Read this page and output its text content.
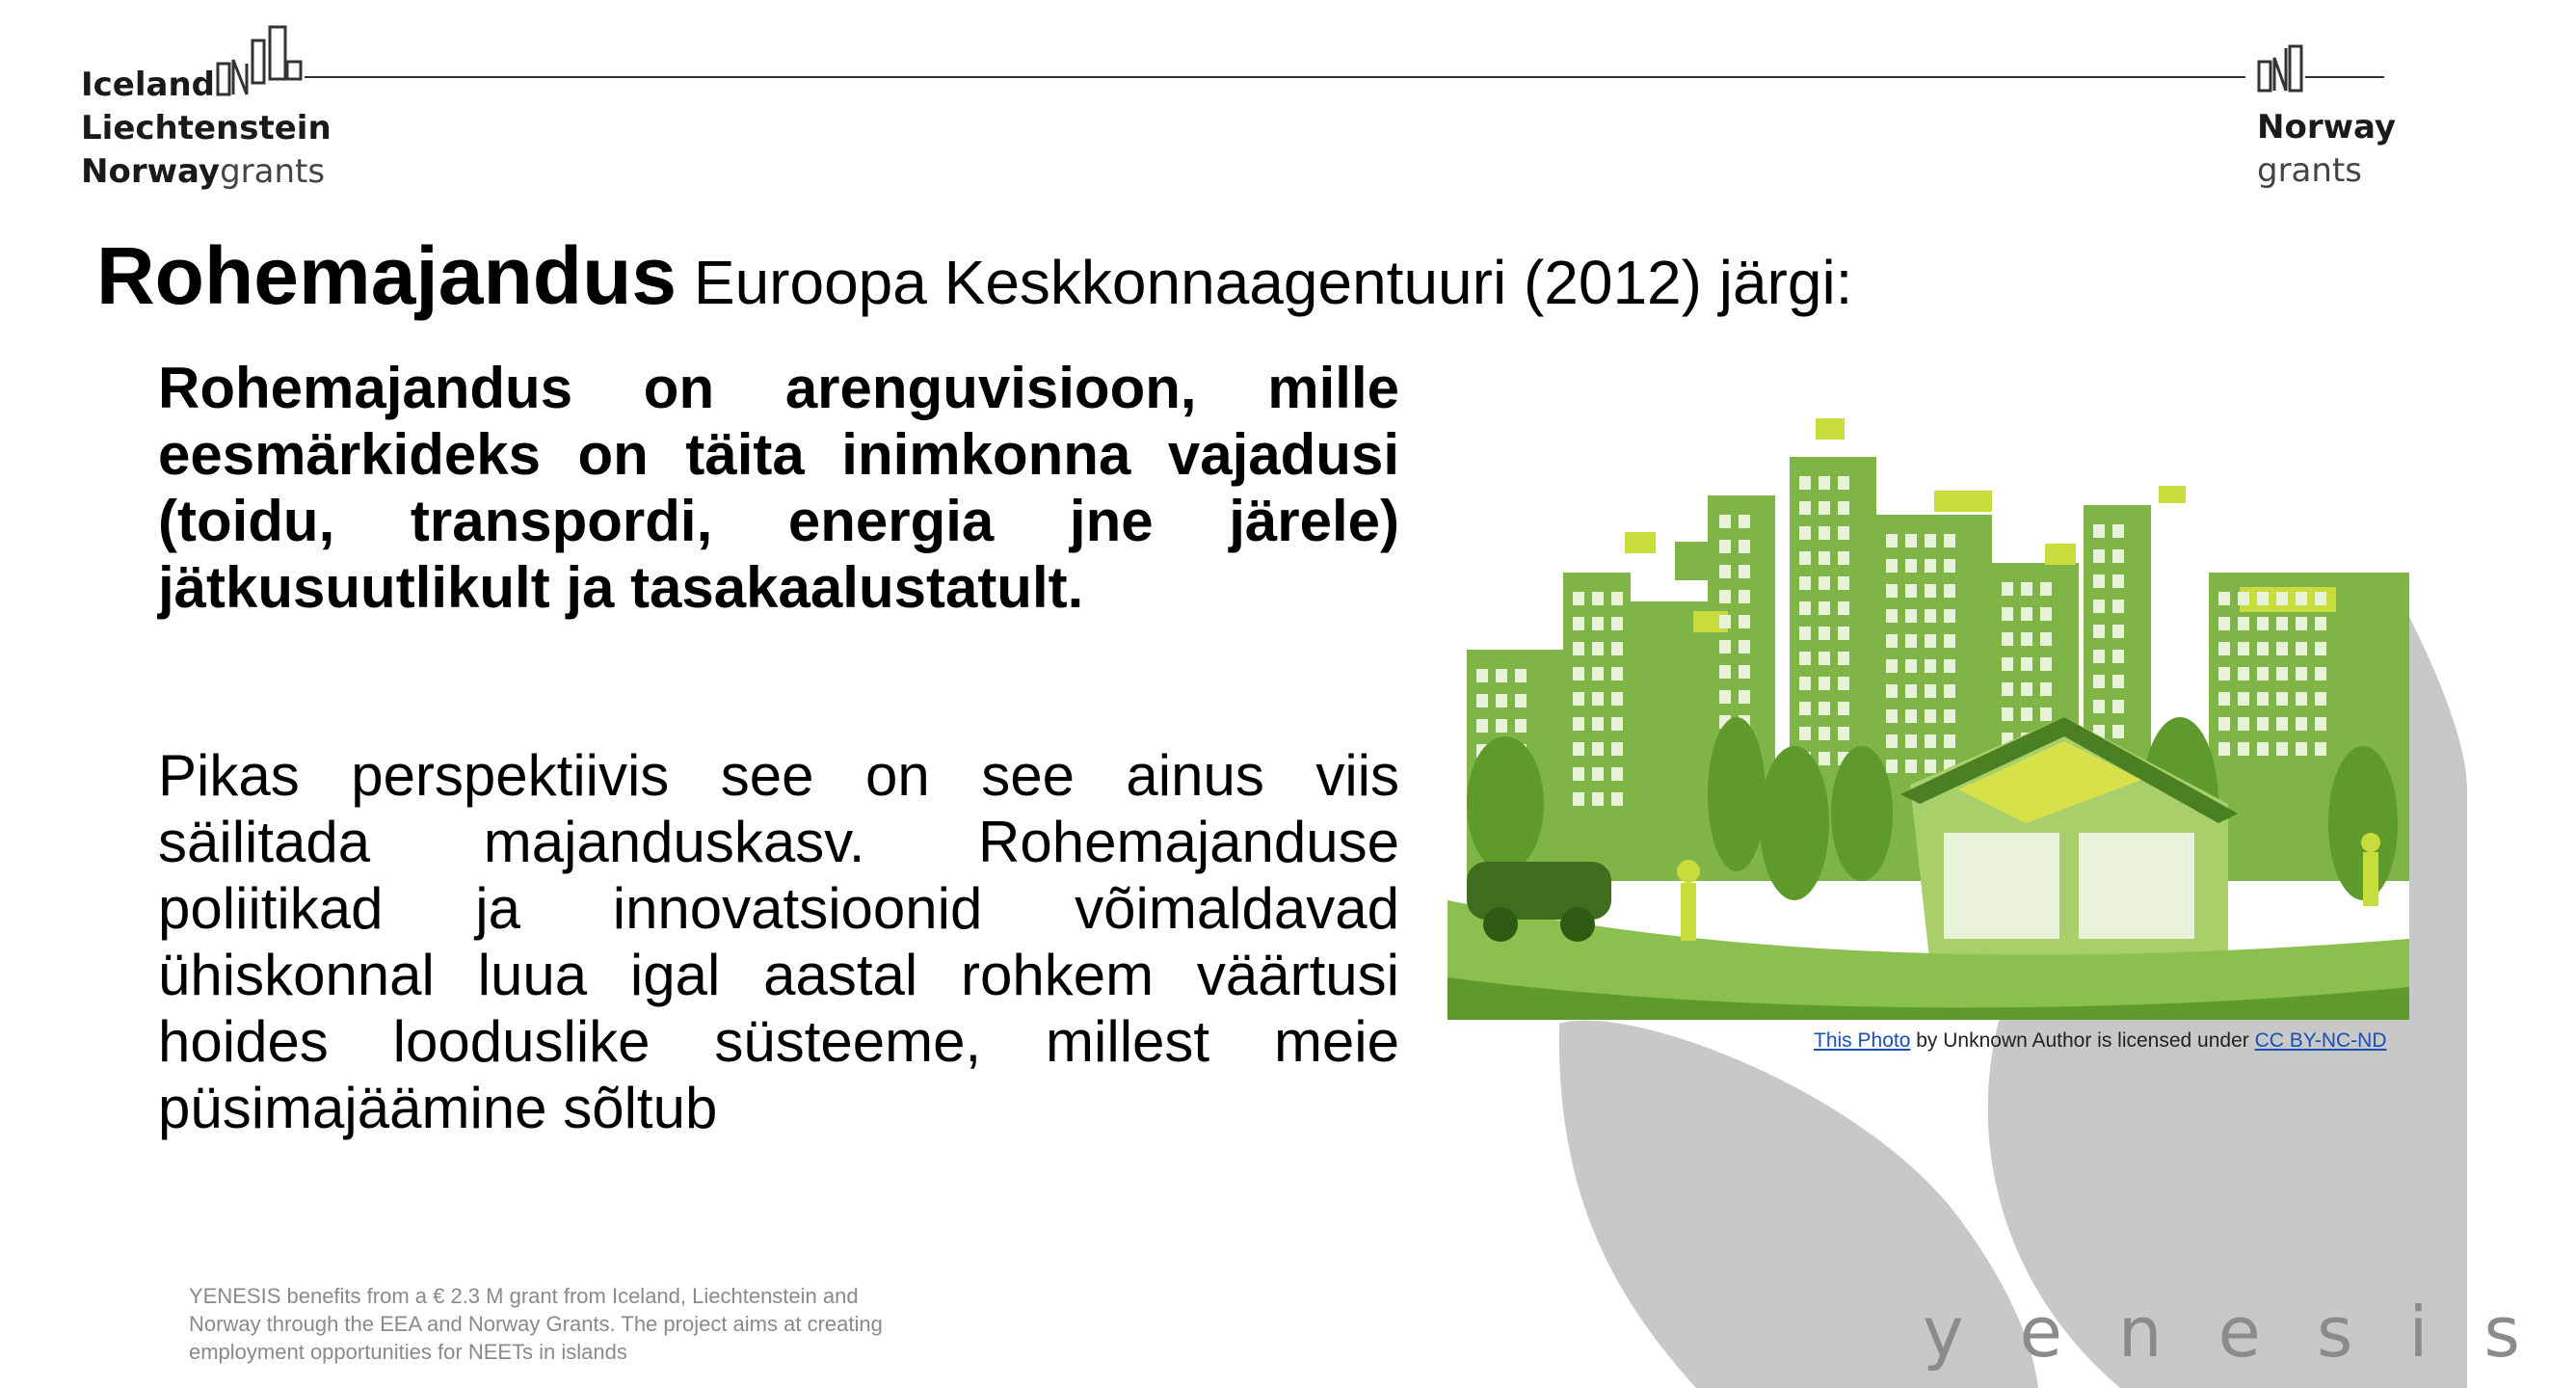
Iceland
Liechtenstein
Norwaygrants
Norway
grants
Rohemajandus Euroopa Keskkonnaagentuuri (2012) järgi:
Rohemajandus on arenguvisioon, mille eesmärkideks on täita inimkonna vajadusi (toidu, transpordi, energia jne järele) jätkusuutlikult ja tasakaalustatult.
Pikas perspektiivis see on see ainus viis säilitada majanduskasv. Rohemajanduse poliitikad ja innovatsioonid võimaldavad ühiskonnal luua igal aastal rohkem väärtusi hoides looduslike süsteeme, millest meie püsimajäämine sõltub
This Photo by Unknown Author is licensed under CC BY-NC-ND
YENESIS benefits from a € 2.3 M grant from Iceland, Liechtenstein and Norway through the EEA and Norway Grants. The project aims at creating employment opportunities for NEETs in islands	yenesis
